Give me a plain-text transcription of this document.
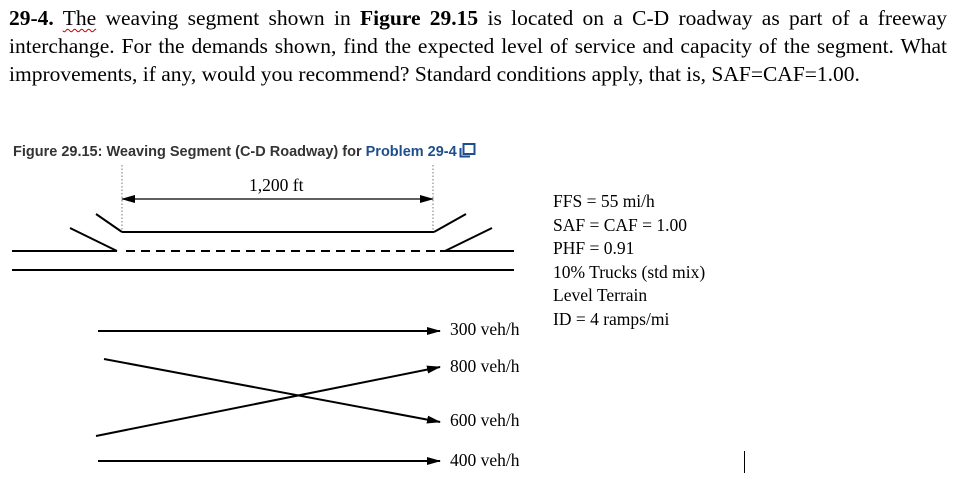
29-4. The weaving segment shown in Figure 29.15 is located on a C-D roadway as part of a freeway interchange. For the demands shown, find the expected level of service and capacity of the segment. What improvements, if any, would you recommend? Standard conditions apply, that is, SAF=CAF=1.00.
Figure 29.15: Weaving Segment (C-D Roadway) for Problem 29-4
1,200 ft
FFS = 55 mi/h
SAF = CAF = 1.00
PHF = 0.91
10% Trucks (std mix)
Level Terrain
ID = 4 ramps/mi
300 veh/h
800 veh/h
600 veh/h
400 veh/h
